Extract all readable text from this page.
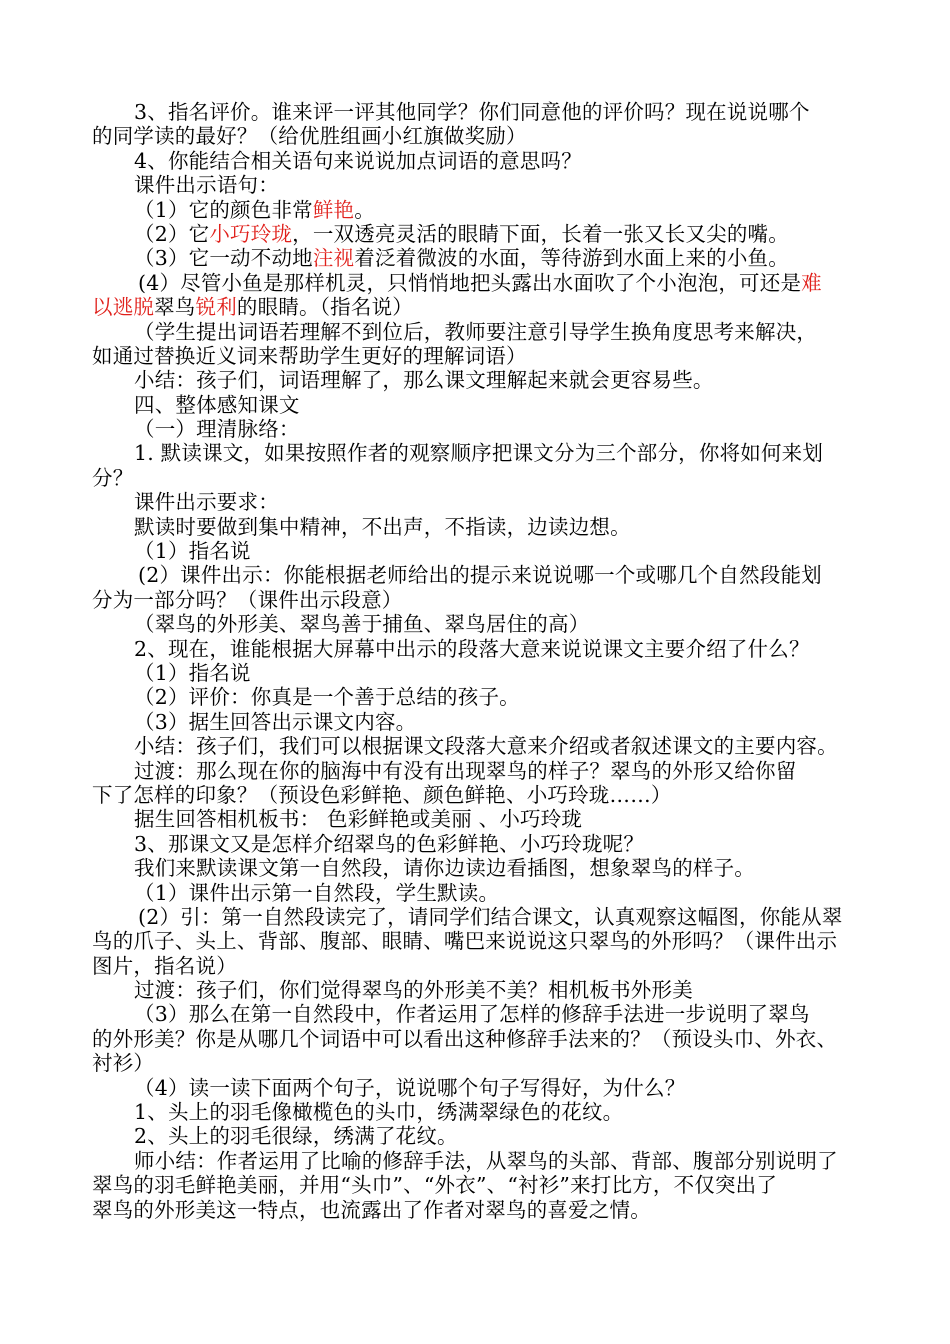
3、指名评价。谁来评一评其他同学？你们同意他的评价吗？现在说说哪个
的同学读的最好？（给优胜组画小红旗做奖励）
4、你能结合相关语句来说说加点词语的意思吗？
课件出示语句：
（1）它的颜色非常鲜艳。
（2）它小巧玲珑，一双透亮灵活的眼睛下面，长着一张又长又尖的嘴。
（3）它一动不动地注视着泛着微波的水面，等待游到水面上来的小鱼。
(4）尽管小鱼是那样机灵，只悄悄地把头露出水面吹了个小泡泡，可还是难
以逃脱翠鸟锐利的眼睛。（指名说）
（学生提出词语若理解不到位后，教师要注意引导学生换角度思考来解决，
如通过替换近义词来帮助学生更好的理解词语）
小结：孩子们，词语理解了，那么课文理解起来就会更容易些。
四、整体感知课文
（一）理清脉络：
1. 默读课文，如果按照作者的观察顺序把课文分为三个部分，你将如何来划
分？
课件出示要求：
默读时要做到集中精神，不出声，不指读，边读边想。
（1）指名说
(2）课件出示：你能根据老师给出的提示来说说哪一个或哪几个自然段能划
分为一部分吗？（课件出示段意）
（翠鸟的外形美、翠鸟善于捕鱼、翠鸟居住的高）
2、现在，谁能根据大屏幕中出示的段落大意来说说课文主要介绍了什么？
（1）指名说
（2）评价：你真是一个善于总结的孩子。
（3）据生回答出示课文内容。
小结：孩子们，我们可以根据课文段落大意来介绍或者叙述课文的主要内容。
过渡：那么现在你的脑海中有没有出现翠鸟的样子？翠鸟的外形又给你留
下了怎样的印象？（预设色彩鲜艳、颜色鲜艳、小巧玲珑……）
据生回答相机板书： 色彩鲜艳或美丽 、小巧玲珑
3、那课文又是怎样介绍翠鸟的色彩鲜艳、小巧玲珑呢？
我们来默读课文第一自然段，请你边读边看插图，想象翠鸟的样子。
（1）课件出示第一自然段，学生默读。
(2）引：第一自然段读完了，请同学们结合课文，认真观察这幅图，你能从翠
鸟的爪子、头上、背部、腹部、眼睛、嘴巴来说说这只翠鸟的外形吗？（课件出示
图片，指名说）
过渡：孩子们，你们觉得翠鸟的外形美不美？相机板书外形美
（3）那么在第一自然段中，作者运用了怎样的修辞手法进一步说明了翠鸟
的外形美？你是从哪几个词语中可以看出这种修辞手法来的？（预设头巾、外衣、
衬衫）
（4）读一读下面两个句子，说说哪个句子写得好，为什么？
1、头上的羽毛像橄榄色的头巾，绣满翠绿色的花纹。
2、头上的羽毛很绿，绣满了花纹。
师小结：作者运用了比喻的修辞手法，从翠鸟的头部、背部、腹部分别说明了
翠鸟的羽毛鲜艳美丽，并用“头巾”、“外衣”、“衬衫”来打比方，不仅突出了
翠鸟的外形美这一特点，也流露出了作者对翠鸟的喜爱之情。
